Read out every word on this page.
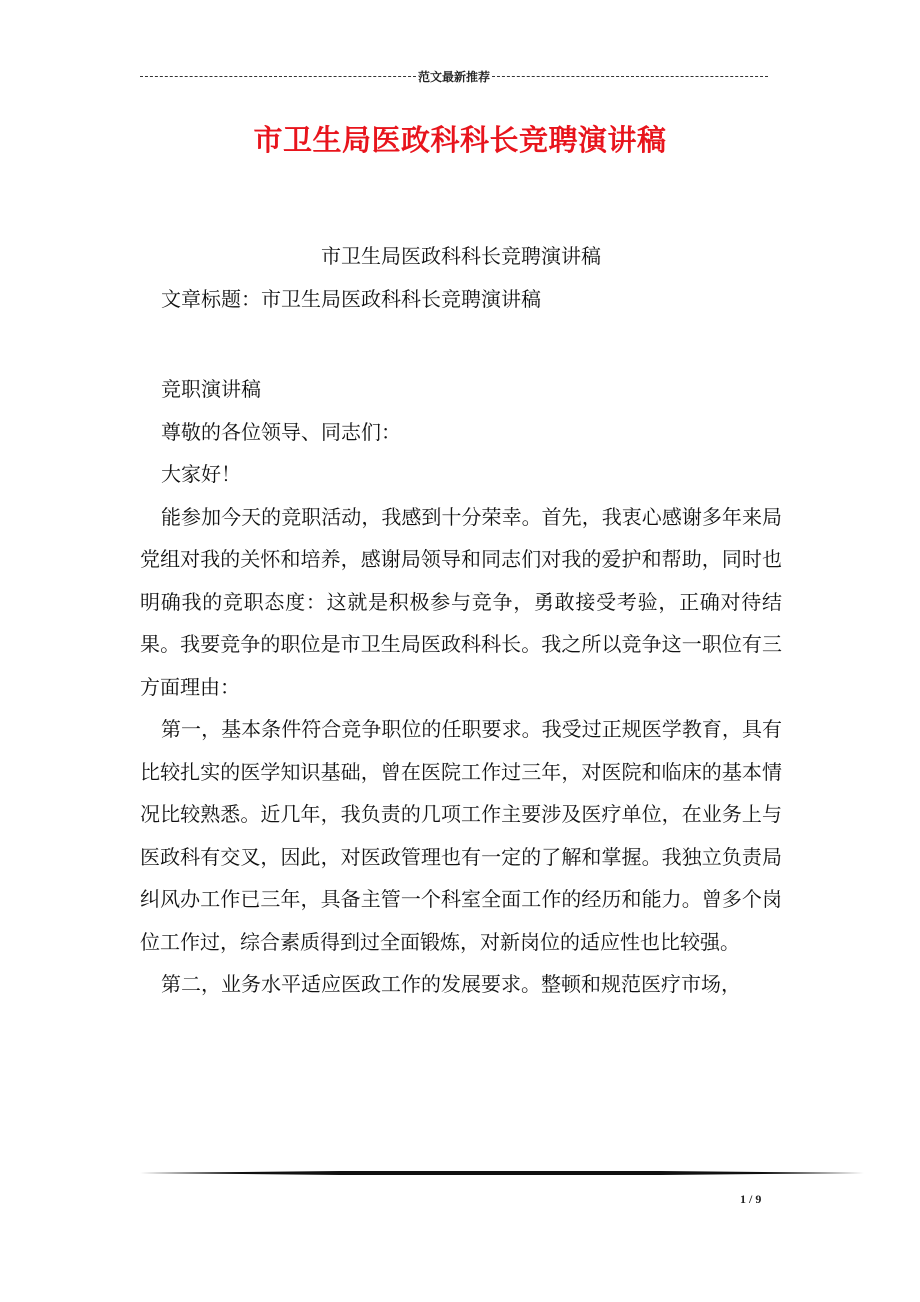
范文最新推荐
市卫生局医政科科长竞聘演讲稿

市卫生局医政科科长竞聘演讲稿

文章标题：市卫生局医政科科长竞聘演讲稿

竞职演讲稿

尊敬的各位领导、同志们：

大家好！

能参加今天的竞职活动，我感到十分荣幸。首先，我衷心感谢多年来局党组对我的关怀和培养，感谢局领导和同志们对我的爱护和帮助，同时也明确我的竞职态度：这就是积极参与竞争，勇敢接受考验，正确对待结果。我要竞争的职位是市卫生局医政科科长。我之所以竞争这一职位有三方面理由：

第一，基本条件符合竞争职位的任职要求。我受过正规医学教育，具有比较扎实的医学知识基础，曾在医院工作过三年，对医院和临床的基本情况比较熟悉。近几年，我负责的几项工作主要涉及医疗单位，在业务上与医政科有交叉，因此，对医政管理也有一定的了解和掌握。我独立负责局纠风办工作已三年，具备主管一个科室全面工作的经历和能力。曾多个岗位工作过，综合素质得到过全面锻炼，对新岗位的适应性也比较强。

第二，业务水平适应医政工作的发展要求。整顿和规范医疗市场，

1 / 9
